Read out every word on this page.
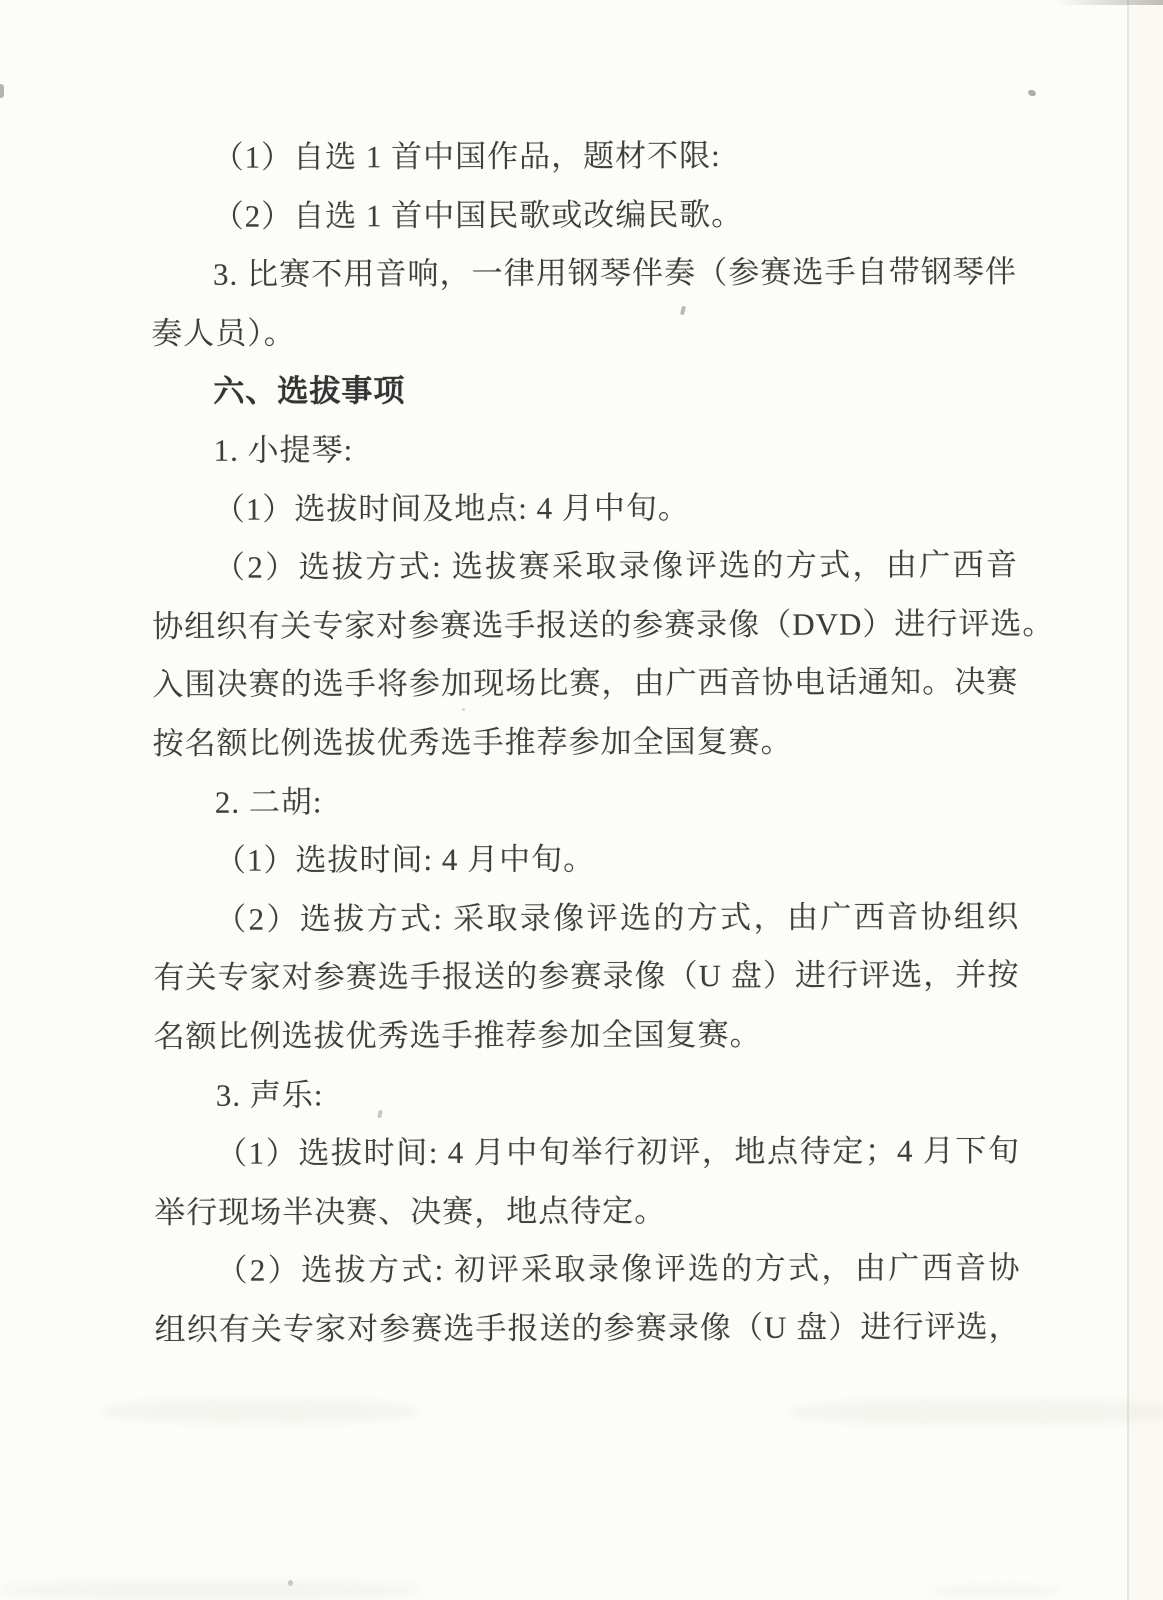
（1）自选 1 首中国作品，题材不限:
（2）自选 1 首中国民歌或改编民歌。
3. 比赛不用音响，一律用钢琴伴奏（参赛选手自带钢琴伴
奏人员）。
六、选拔事项
1. 小提琴:
（1）选拔时间及地点: 4 月中旬。
（2）选拔方式: 选拔赛采取录像评选的方式，由广西音
协组织有关专家对参赛选手报送的参赛录像（DVD）进行评选。
入围决赛的选手将参加现场比赛，由广西音协电话通知。决赛
按名额比例选拔优秀选手推荐参加全国复赛。
2. 二胡:
（1）选拔时间: 4 月中旬。
（2）选拔方式: 采取录像评选的方式，由广西音协组织
有关专家对参赛选手报送的参赛录像（U 盘）进行评选，并按
名额比例选拔优秀选手推荐参加全国复赛。
3. 声乐:
（1）选拔时间: 4 月中旬举行初评，地点待定；4 月下旬
举行现场半决赛、决赛，地点待定。
（2）选拔方式: 初评采取录像评选的方式，由广西音协
组织有关专家对参赛选手报送的参赛录像（U 盘）进行评选，
